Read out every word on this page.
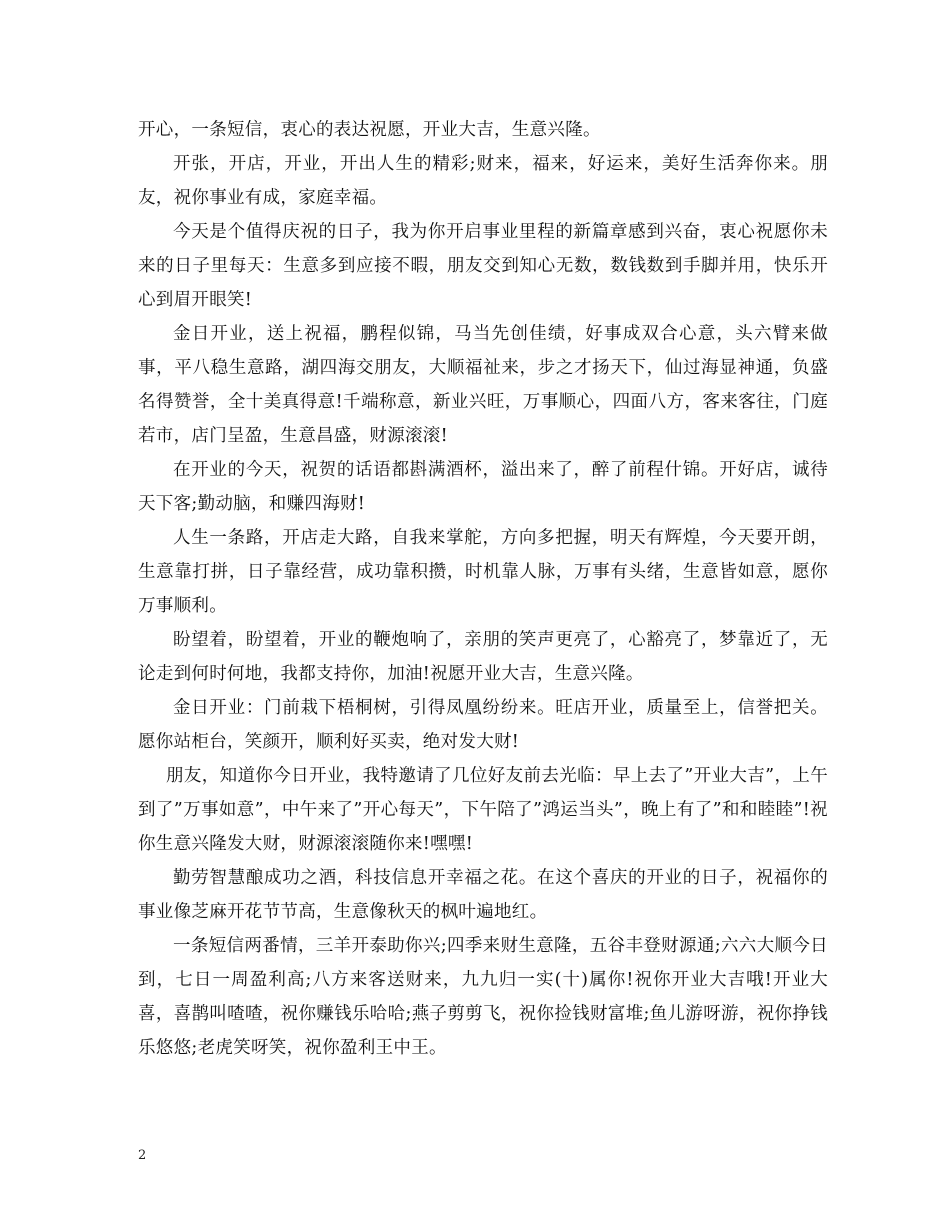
开心，一条短信，衷心的表达祝愿，开业大吉，生意兴隆。

开张，开店，开业，开出人生的精彩;财来，福来，好运来，美好生活奔你来。朋友，祝你事业有成，家庭幸福。

今天是个值得庆祝的日子，我为你开启事业里程的新篇章感到兴奋，衷心祝愿你未来的日子里每天：生意多到应接不暇，朋友交到知心无数，数钱数到手脚并用，快乐开心到眉开眼笑!

金日开业，送上祝福，鹏程似锦，马当先创佳绩，好事成双合心意，头六臂来做事，平八稳生意路，湖四海交朋友，大顺福祉来，步之才扬天下，仙过海显神通，负盛名得赞誉，全十美真得意!千端称意，新业兴旺，万事顺心，四面八方，客来客往，门庭若市，店门呈盈，生意昌盛，财源滚滚!

在开业的今天，祝贺的话语都斟满酒杯，溢出来了，醉了前程什锦。开好店，诚待天下客;勤动脑，和赚四海财!

人生一条路，开店走大路，自我来掌舵，方向多把握，明天有辉煌，今天要开朗，生意靠打拼，日子靠经营，成功靠积攒，时机靠人脉，万事有头绪，生意皆如意，愿你万事顺利。

盼望着，盼望着，开业的鞭炮响了，亲朋的笑声更亮了，心豁亮了，梦靠近了，无论走到何时何地，我都支持你，加油!祝愿开业大吉，生意兴隆。

金日开业：门前栽下梧桐树，引得凤凰纷纷来。旺店开业，质量至上，信誉把关。愿你站柜台，笑颜开，顺利好买卖，绝对发大财!

朋友，知道你今日开业，我特邀请了几位好友前去光临：早上去了”开业大吉”，上午到了”万事如意”，中午来了”开心每天”，下午陪了”鸿运当头”，晚上有了”和和睦睦”!祝你生意兴隆发大财，财源滚滚随你来!嘿嘿!

勤劳智慧酿成功之酒，科技信息开幸福之花。在这个喜庆的开业的日子，祝福你的事业像芝麻开花节节高，生意像秋天的枫叶遍地红。

一条短信两番情，三羊开泰助你兴;四季来财生意隆，五谷丰登财源通;六六大顺今日到，七日一周盈利高;八方来客送财来，九九归一实(十)属你!祝你开业大吉哦!开业大喜，喜鹊叫喳喳，祝你赚钱乐哈哈;燕子剪剪飞，祝你捡钱财富堆;鱼儿游呀游，祝你挣钱乐悠悠;老虎笑呀笑，祝你盈利王中王。

2
